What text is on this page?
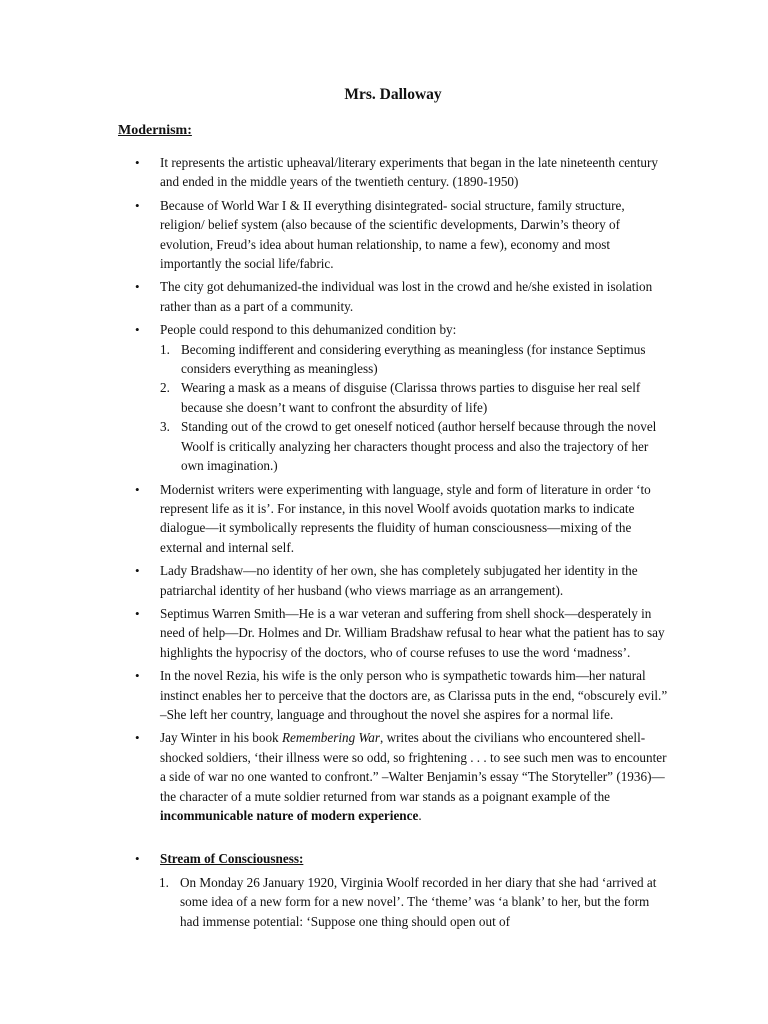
Mrs. Dalloway
Modernism:
• It represents the artistic upheaval/literary experiments that began in the late nineteenth century and ended in the middle years of the twentieth century. (1890-1950)
• Because of World War I & II everything disintegrated- social structure, family structure, religion/ belief system (also because of the scientific developments, Darwin’s theory of evolution, Freud’s idea about human relationship, to name a few), economy and most importantly the social life/fabric.
• The city got dehumanized-the individual was lost in the crowd and he/she existed in isolation rather than as a part of a community.
• People could respond to this dehumanized condition by:
1. Becoming indifferent and considering everything as meaningless (for instance Septimus considers everything as meaningless)
2. Wearing a mask as a means of disguise (Clarissa throws parties to disguise her real self because she doesn’t want to confront the absurdity of life)
3. Standing out of the crowd to get oneself noticed (author herself because through the novel Woolf is critically analyzing her characters thought process and also the trajectory of her own imagination.)
• Modernist writers were experimenting with language, style and form of literature in order ‘to represent life as it is’. For instance, in this novel Woolf avoids quotation marks to indicate dialogue—it symbolically represents the fluidity of human consciousness—mixing of the external and internal self.
• Lady Bradshaw—no identity of her own, she has completely subjugated her identity in the patriarchal identity of her husband (who views marriage as an arrangement).
• Septimus Warren Smith—He is a war veteran and suffering from shell shock—desperately in need of help—Dr. Holmes and Dr. William Bradshaw refusal to hear what the patient has to say highlights the hypocrisy of the doctors, who of course refuses to use the word ‘madness’.
• In the novel Rezia, his wife is the only person who is sympathetic towards him—her natural instinct enables her to perceive that the doctors are, as Clarissa puts in the end, “obscurely evil.” –She left her country, language and throughout the novel she aspires for a normal life.
• Jay Winter in his book Remembering War, writes about the civilians who encountered shell-shocked soldiers, ‘their illness were so odd, so frightening . . . to see such men was to encounter a side of war no one wanted to confront.” –Walter Benjamin’s essay “The Storyteller” (1936)—the character of a mute soldier returned from war stands as a poignant example of the incommunicable nature of modern experience.
• Stream of Consciousness:
1. On Monday 26 January 1920, Virginia Woolf recorded in her diary that she had ‘arrived at some idea of a new form for a new novel’. The ‘theme’ was ‘a blank’ to her, but the form had immense potential: ‘Suppose one thing should open out of
